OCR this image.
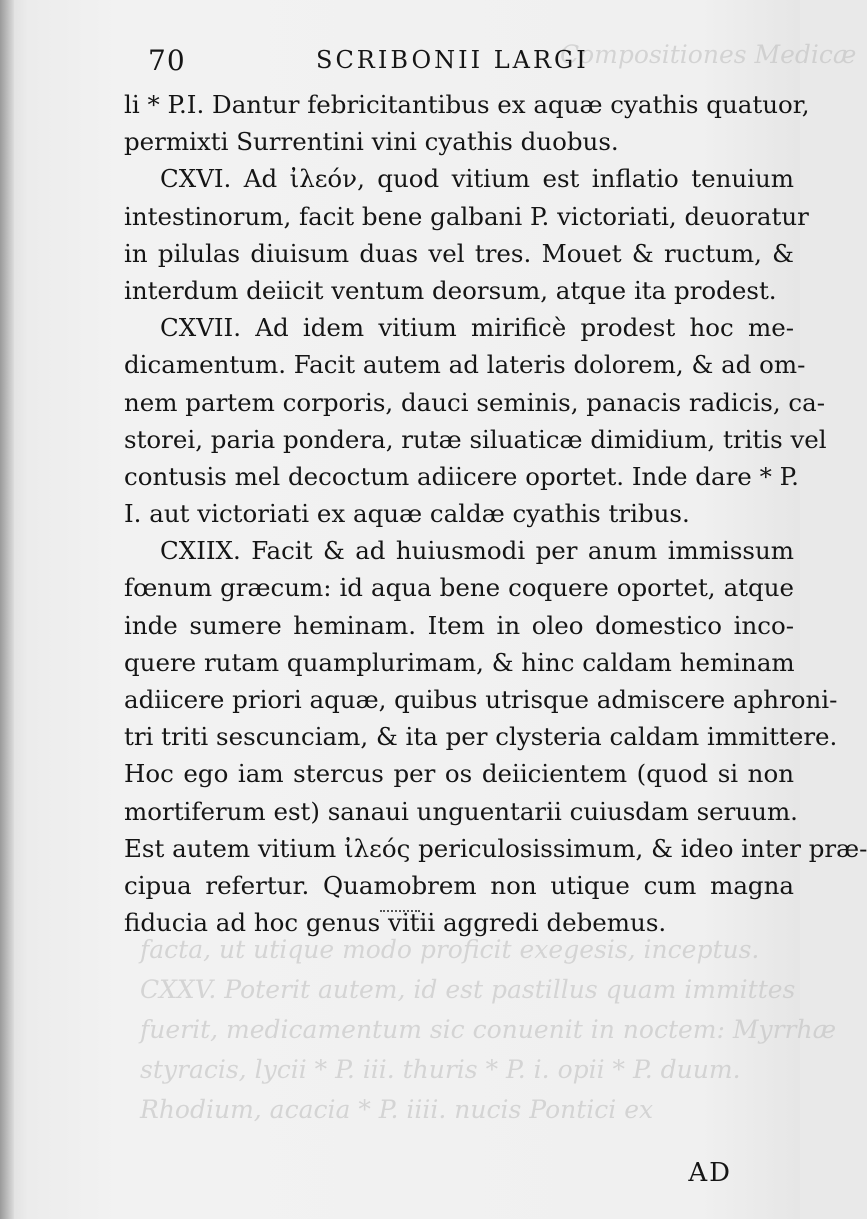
Compositiones Medicæ
facta, ut utique modo proficit exegesis, inceptus.
CXXV. Poterit autem, id est pastillus quam immittes
fuerit, medicamentum sic conuenit in noctem: Myrrhæ
styracis, lycii * P. iii. thuris * P. i. opii * P. duum.
Rhodium, acacia * P. iiii. nucis Pontici ex
70	SCRIBONII LARGI
li * P.I. Dantur febricitantibus ex aquæ cyathis quatuor,
permixti Surrentini vini cyathis duobus.
CXVI. Ad ἰλεόν, quod vitium est inflatio tenuium
intestinorum, facit bene galbani P. victoriati, deuoratur
in pilulas diuisum duas vel tres. Mouet & ructum, &
interdum deiicit ventum deorsum, atque ita prodest.
CXVII. Ad idem vitium mirificè prodest hoc me-
dicamentum. Facit autem ad lateris dolorem, & ad om-
nem partem corporis, dauci seminis, panacis radicis, ca-
storei, paria pondera, rutæ siluaticæ dimidium, tritis vel
contusis mel decoctum adiicere oportet. Inde dare * P.
I. aut victoriati ex aquæ caldæ cyathis tribus.
CXIIX. Facit & ad huiusmodi per anum immissum
fœnum græcum: id aqua bene coquere oportet, atque
inde sumere heminam. Item in oleo domestico inco-
quere rutam quamplurimam, & hinc caldam heminam
adiicere priori aquæ, quibus utrisque admiscere aphroni-
tri triti sescunciam, & ita per clysteria caldam immittere.
Hoc ego iam stercus per os deiicientem (quod si non
mortiferum est) sanaui unguentarii cuiusdam seruum.
Est autem vitium ἰλεός periculosissimum, & ideo inter præ-
cipua refertur. Quamobrem non utique cum magna
fiducia ad hoc genus vitii aggredi debemus.
AD
